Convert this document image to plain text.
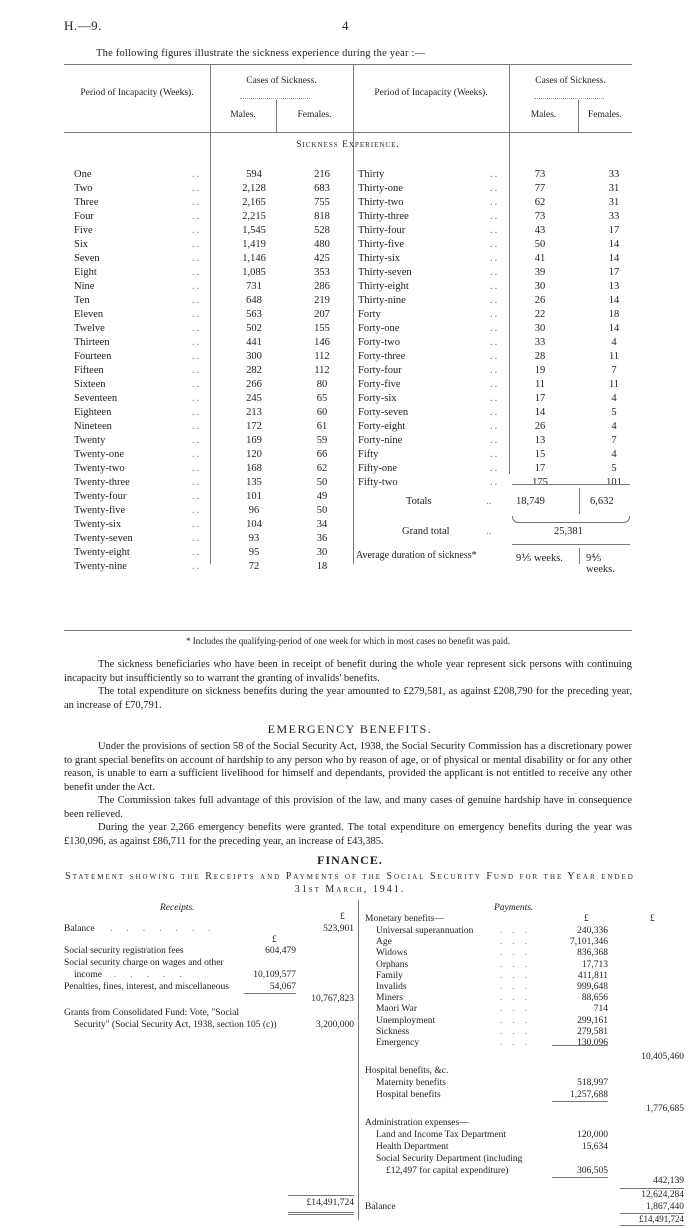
H.—9.	4
The following figures illustrate the sickness experience during the year :—
Period of Incapacity (Weeks).
Cases of Sickness.
Males.	Females.
Period of Incapacity (Weeks).
Cases of Sickness.
Males.	Females.
Sickness Experience.
One	..	594	216
Two	..	2,128	683
Three	..	2,165	755
Four	..	2,215	818
Five	..	1,545	528
Six	..	1,419	480
Seven	..	1,146	425
Eight	..	1,085	353
Nine	..	731	286
Ten	..	648	219
Eleven	..	563	207
Twelve	..	502	155
Thirteen	..	441	146
Fourteen	..	300	112
Fifteen	..	282	112
Sixteen	..	266	80
Seventeen	..	245	65
Eighteen	..	213	60
Nineteen	..	172	61
Twenty	..	169	59
Twenty-one	..	120	66
Twenty-two	..	168	62
Twenty-three	..	135	50
Twenty-four	..	101	49
Twenty-five	..	96	50
Twenty-six	..	104	34
Twenty-seven	..	93	36
Twenty-eight	..	95	30
Twenty-nine	..	72	18
Thirty	..	73	33
Thirty-one	..	77	31
Thirty-two	..	62	31
Thirty-three	..	73	33
Thirty-four	..	43	17
Thirty-five	..	50	14
Thirty-six	..	41	14
Thirty-seven	..	39	17
Thirty-eight	..	30	13
Thirty-nine	..	26	14
Forty	..	22	18
Forty-one	..	30	14
Forty-two	..	33	4
Forty-three	..	28	11
Forty-four	..	19	7
Forty-five	..	11	11
Forty-six	..	17	4
Forty-seven	..	14	5
Forty-eight	..	26	4
Forty-nine	..	13	7
Fifty	..	15	4
Fifty-one	..	17	5
Fifty-two	..	175	101
Totals	.. 18,749	6,632
Grand total	..	25,381
Average duration of sickness*	9⅕ weeks. 9⅘ weeks.
* Includes the qualifying-period of one week for which in most cases no benefit was paid.
The sickness beneficiaries who have been in receipt of benefit during the whole year represent sick persons with continuing incapacity but insufficiently so to warrant the granting of invalids' benefits.
The total expenditure on sickness benefits during the year amounted to £279,581, as against £208,790 for the preceding year, an increase of £70,791.
EMERGENCY BENEFITS.
Under the provisions of section 58 of the Social Security Act, 1938, the Social Security Commission has a discretionary power to grant special benefits on account of hardship to any person who by reason of age, or of physical or mental disability or for any other reason, is unable to earn a sufficient livelihood for himself and dependants, provided the applicant is not entitled to receive any other benefit under the Act.
The Commission takes full advantage of this provision of the law, and many cases of genuine hardship have in consequence been relieved.
During the year 2,266 emergency benefits were granted. The total expenditure on emergency benefits during the year was £130,096, as against £86,711 for the preceding year, an increase of £43,385.
FINANCE.
Statement showing the Receipts and Payments of the Social Security Fund for the Year ended
31st March, 1941.
Receipts.
£
Balance .......	523,901
£
Social security registration fees	604,479
Social security charge on wages and other
income .....	10,109,577
Penalties, fines, interest, and miscellaneous	54,067
10,767,823
Grants from Consolidated Fund: Vote, "Social
Security" (Social Security Act, 1938, section 105 (c))	3,200,000
£14,491,724
Payments.
Monetary benefits—	£	£
Universal superannuation	...	240,336
Age	...	7,101,346
Widows	...	836,368
Orphans	...	17,713
Family	...	411,811
Invalids	...	999,648
Miners	...	88,656
Maori War	...	714
Unemployment	...	299,161
Sickness	...	279,581
Emergency	...	130,096
10,405,460
Hospital benefits, &c.
Maternity benefits	518,997
Hospital benefits	1,257,688
1,776,685
Administration expenses—
Land and Income Tax Department	120,000
Health Department	15,634
Social Security Department (including
£12,497 for capital expenditure)	306,505
442,139
12,624,284
Balance	1,867,440
£14,491,724
